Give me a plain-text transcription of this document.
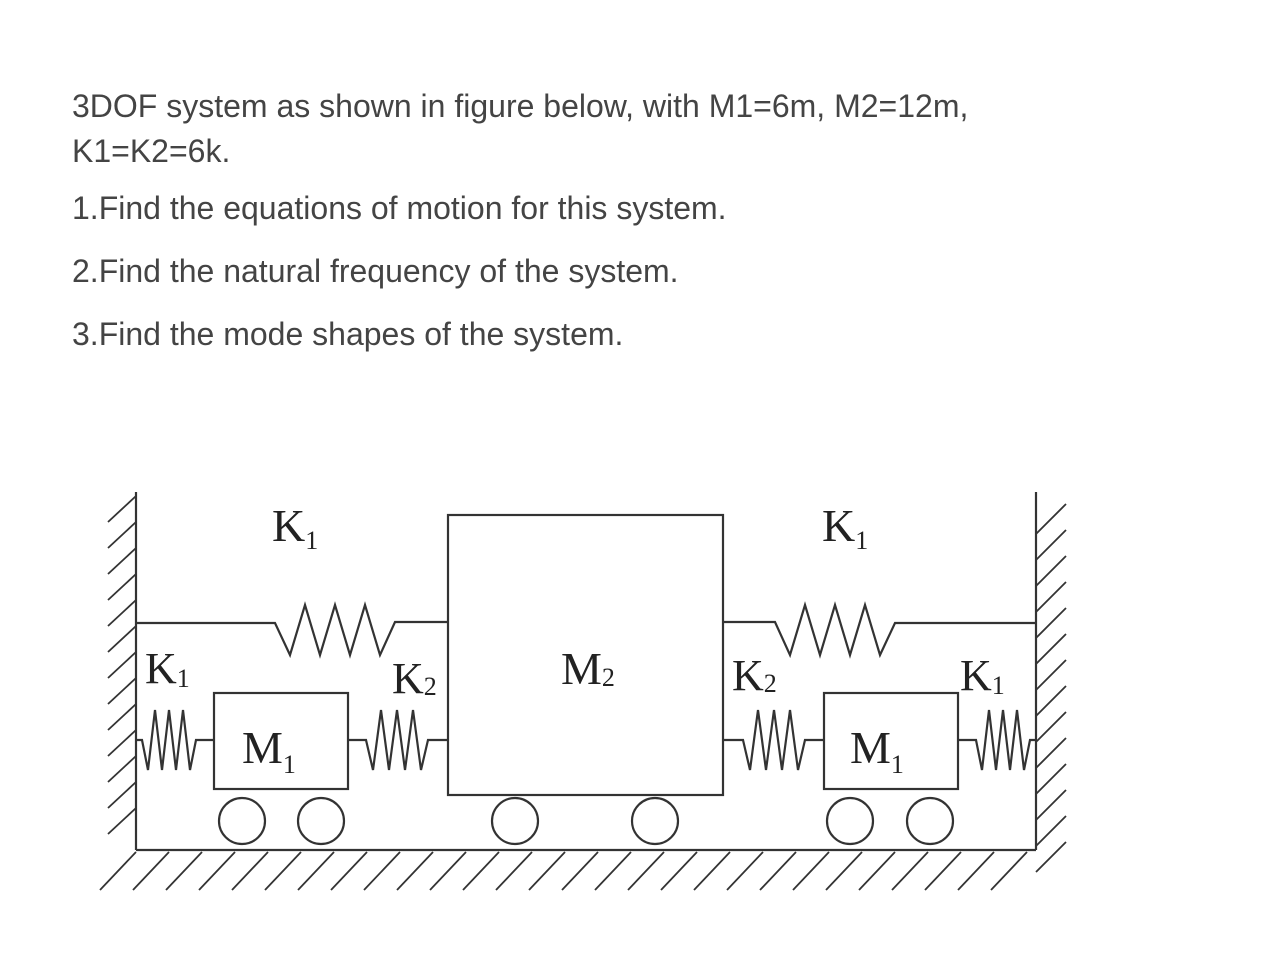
3DOF system as shown in figure below, with M1=6m, M2=12m,
K1=K2=6k.

1.Find the equations of motion for this system.

2.Find the natural frequency of the system.

3.Find the mode shapes of the system.

K1	K1
K1	K1
K2	K2
M2
$M_1$	$M_1$
